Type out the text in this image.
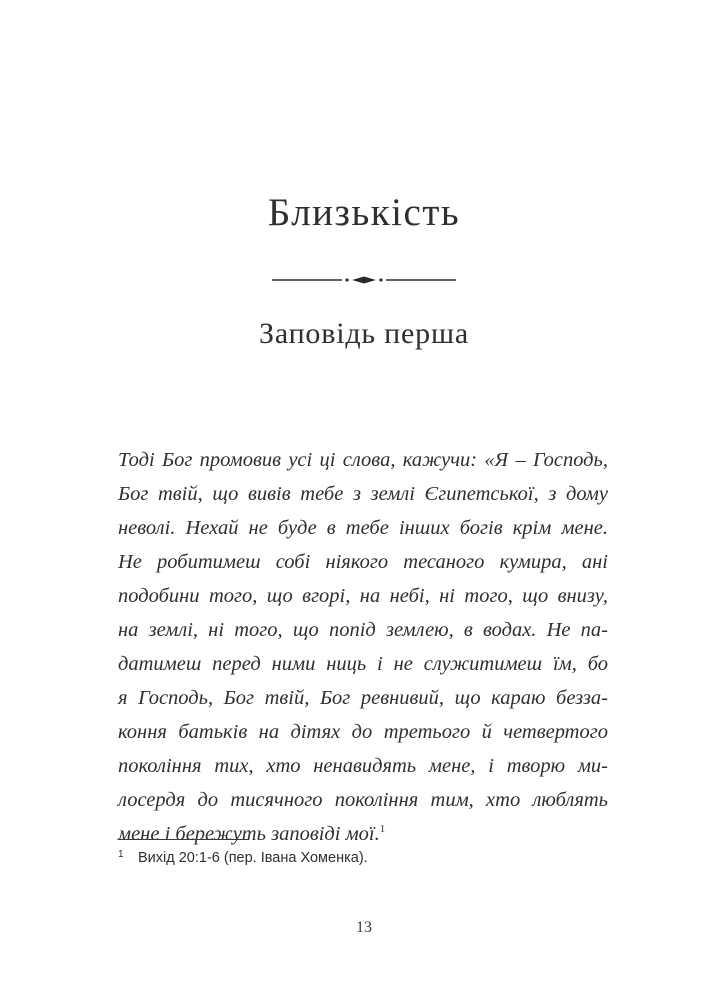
Близькість
Заповідь перша
Тоді Бог промовив усі ці слова, кажучи: «Я – Господь,
Бог твій, що вивів тебе з землі Єгипетської, з дому
неволі. Нехай не буде в тебе інших богів крім мене.
Не робитимеш собі ніякого тесаного кумира, ані
подобини того, що вгорі, на небі, ні того, що внизу,
на землі, ні того, що попід землею, в водах. Не па-
датимеш перед ними ниць і не служитимеш їм, бо
я Господь, Бог твій, Бог ревнивий, що караю безза-
коння батьків на дітях до третього й четвертого
покоління тих, хто ненавидять мене, і творю ми-
лосердя до тисячного покоління тим, хто люблять
мене і бережуть заповіді мої.$^1$
1 Вихід 20:1-6 (пер. Івана Хоменка).
13
